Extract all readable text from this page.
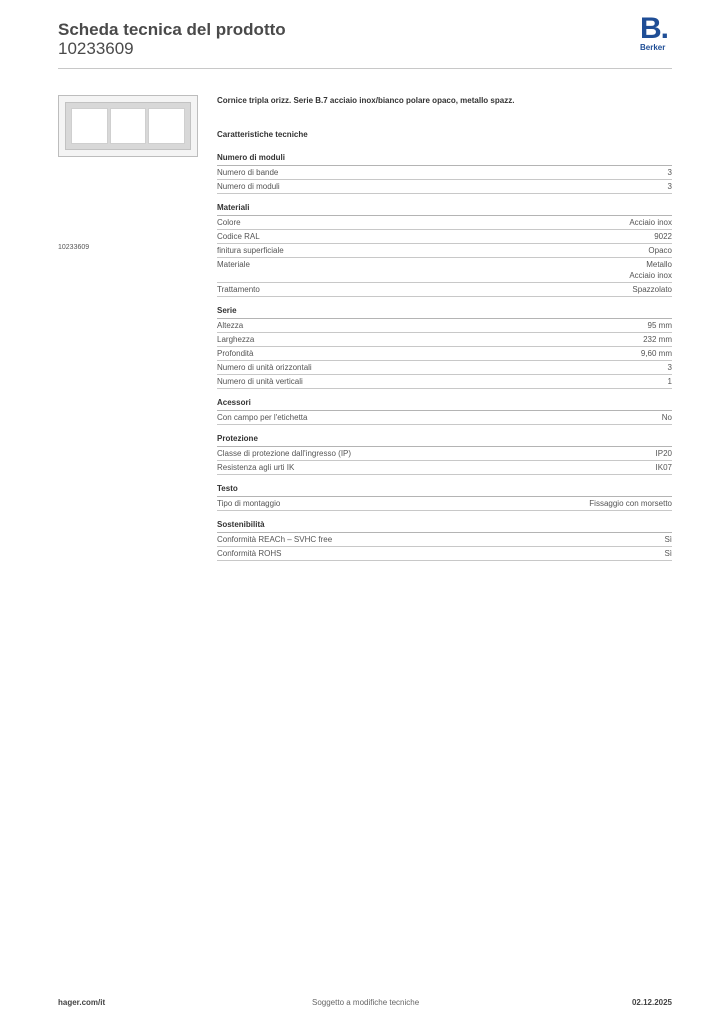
Scheda tecnica del prodotto
10233609
B.
Berker
10233609
Cornice tripla orizz. Serie B.7 acciaio inox/bianco polare opaco, metallo spazz.
Caratteristiche tecniche
Numero di moduli
Numero di bande	3
Numero di moduli	3
Materiali
Colore	Acciaio inox
Codice RAL	9022
finitura superficiale	Opaco
Materiale	Metallo
Acciaio inox
Trattamento	Spazzolato
Serie
Altezza	95 mm
Larghezza	232 mm
Profondità	9,60 mm
Numero di unità orizzontali	3
Numero di unità verticali	1
Acessori
Con campo per l'etichetta	No
Protezione
Classe di protezione dall'ingresso (IP)	IP20
Resistenza agli urti IK	IK07
Testo
Tipo di montaggio	Fissaggio con morsetto
Sostenibilità
Conformità REACh – SVHC free	Sì
Conformità ROHS	Sì
hager.com/it	Soggetto a modifiche tecniche	02.12.2025
